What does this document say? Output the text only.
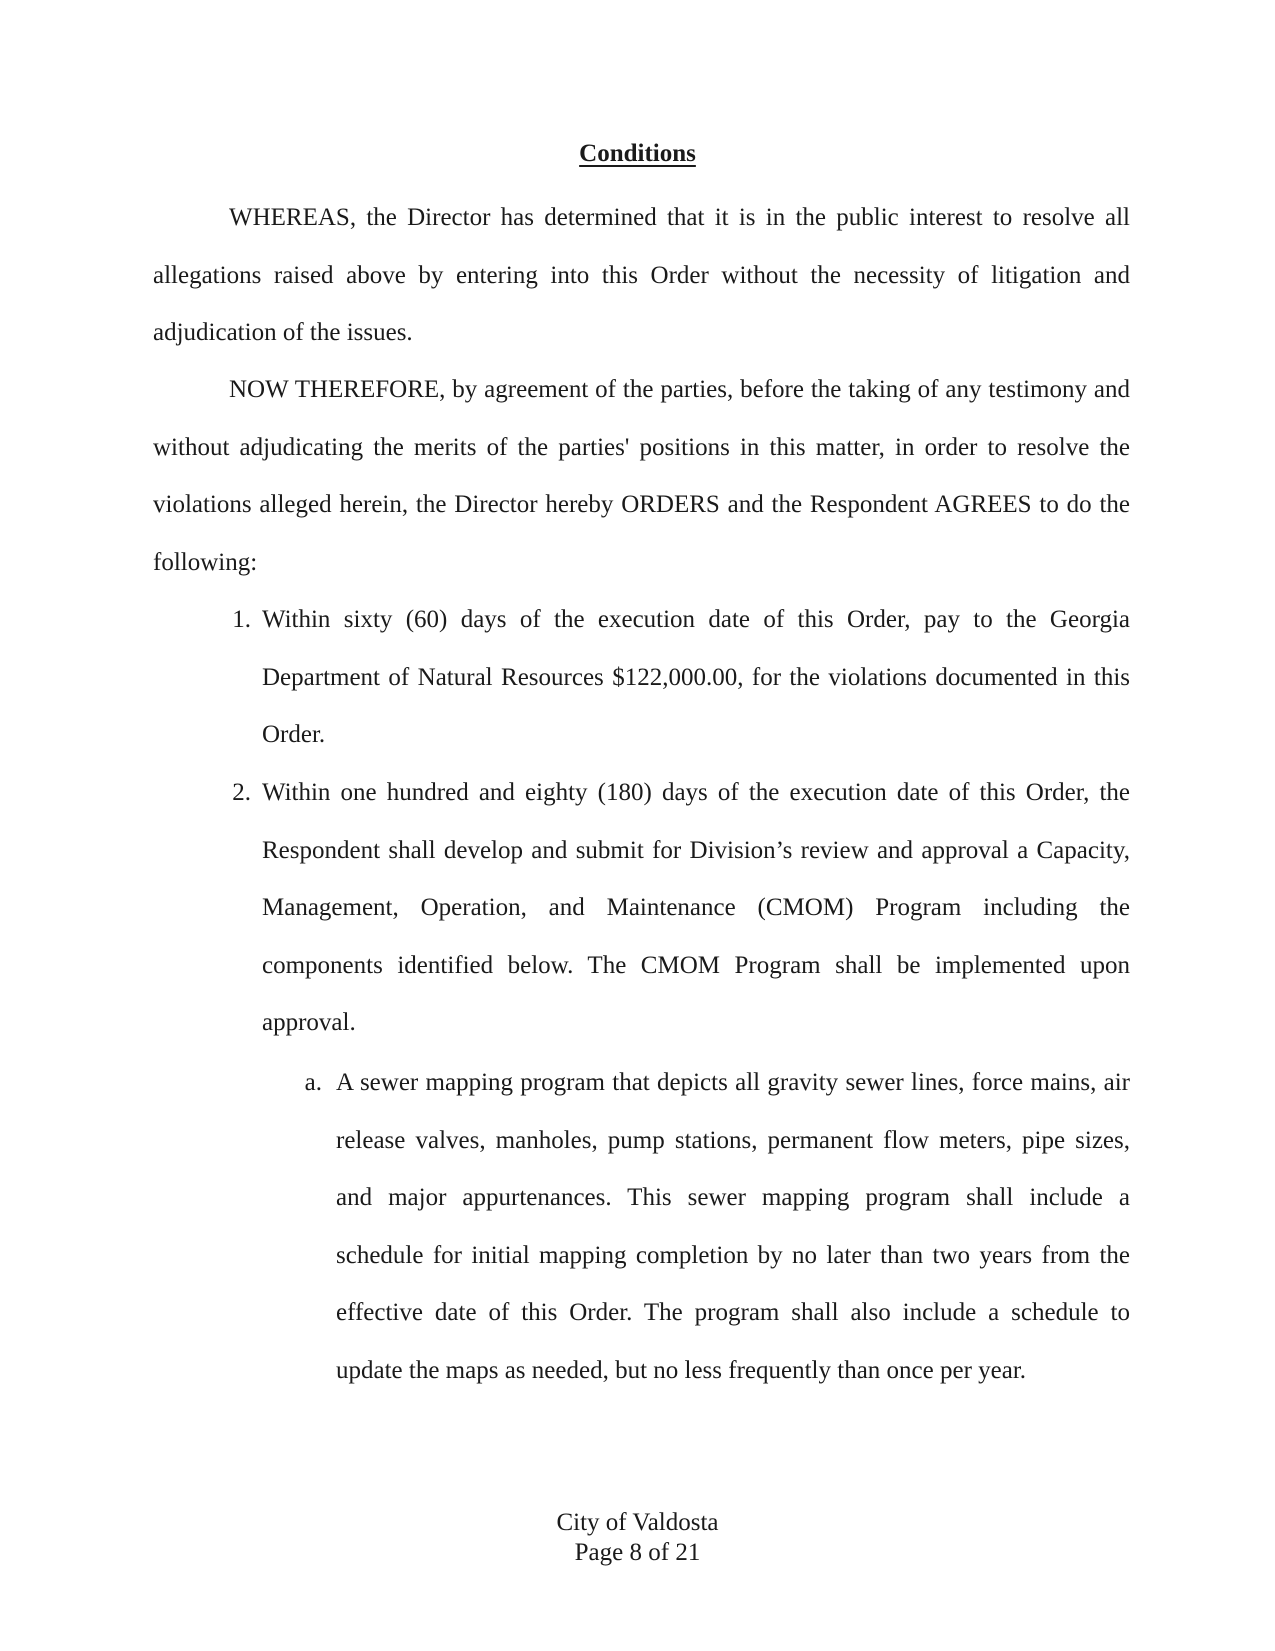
Conditions

WHEREAS, the Director has determined that it is in the public interest to resolve all allegations raised above by entering into this Order without the necessity of litigation and adjudication of the issues.

NOW THEREFORE, by agreement of the parties, before the taking of any testimony and without adjudicating the merits of the parties' positions in this matter, in order to resolve the violations alleged herein, the Director hereby ORDERS and the Respondent AGREES to do the following:

1. Within sixty (60) days of the execution date of this Order, pay to the Georgia Department of Natural Resources $122,000.00, for the violations documented in this Order.
2. Within one hundred and eighty (180) days of the execution date of this Order, the Respondent shall develop and submit for Division’s review and approval a Capacity, Management, Operation, and Maintenance (CMOM) Program including the components identified below. The CMOM Program shall be implemented upon approval.
a. A sewer mapping program that depicts all gravity sewer lines, force mains, air release valves, manholes, pump stations, permanent flow meters, pipe sizes, and major appurtenances. This sewer mapping program shall include a schedule for initial mapping completion by no later than two years from the effective date of this Order. The program shall also include a schedule to update the maps as needed, but no less frequently than once per year.
City of Valdosta
Page 8 of 21
